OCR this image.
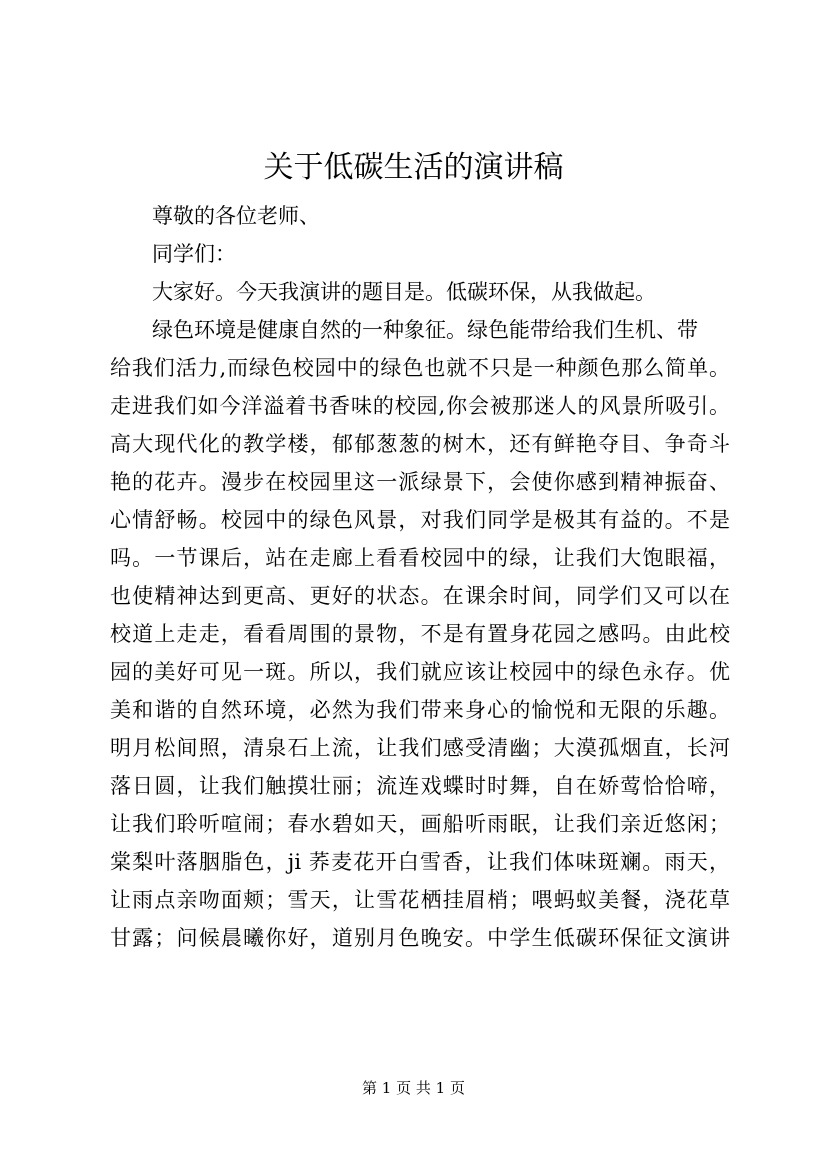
关于低碳生活的演讲稿

尊敬的各位老师、

同学们：

大家好。今天我演讲的题目是。低碳环保，从我做起。

绿色环境是健康自然的一种象征。绿色能带给我们生机、带

给我们活力,而绿色校园中的绿色也就不只是一种颜色那么简单。

走进我们如今洋溢着书香味的校园,你会被那迷人的风景所吸引。

高大现代化的教学楼，郁郁葱葱的树木，还有鲜艳夺目、争奇斗

艳的花卉。漫步在校园里这一派绿景下，会使你感到精神振奋、

心情舒畅。校园中的绿色风景，对我们同学是极其有益的。不是

吗。一节课后，站在走廊上看看校园中的绿，让我们大饱眼福，

也使精神达到更高、更好的状态。在课余时间，同学们又可以在

校道上走走，看看周围的景物，不是有置身花园之感吗。由此校

园的美好可见一斑。所以，我们就应该让校园中的绿色永存。优

美和谐的自然环境，必然为我们带来身心的愉悦和无限的乐趣。

明月松间照，清泉石上流，让我们感受清幽；大漠孤烟直，长河

落日圆，让我们触摸壮丽；流连戏蝶时时舞，自在娇莺恰恰啼，

让我们聆听喧闹；春水碧如天，画船听雨眠，让我们亲近悠闲；

棠梨叶落胭脂色，ji 荞麦花开白雪香，让我们体味斑斓。雨天，

让雨点亲吻面颊；雪天，让雪花栖挂眉梢；喂蚂蚁美餐，浇花草

甘露；问候晨曦你好，道别月色晚安。中学生低碳环保征文演讲

第 1 页 共 1 页
